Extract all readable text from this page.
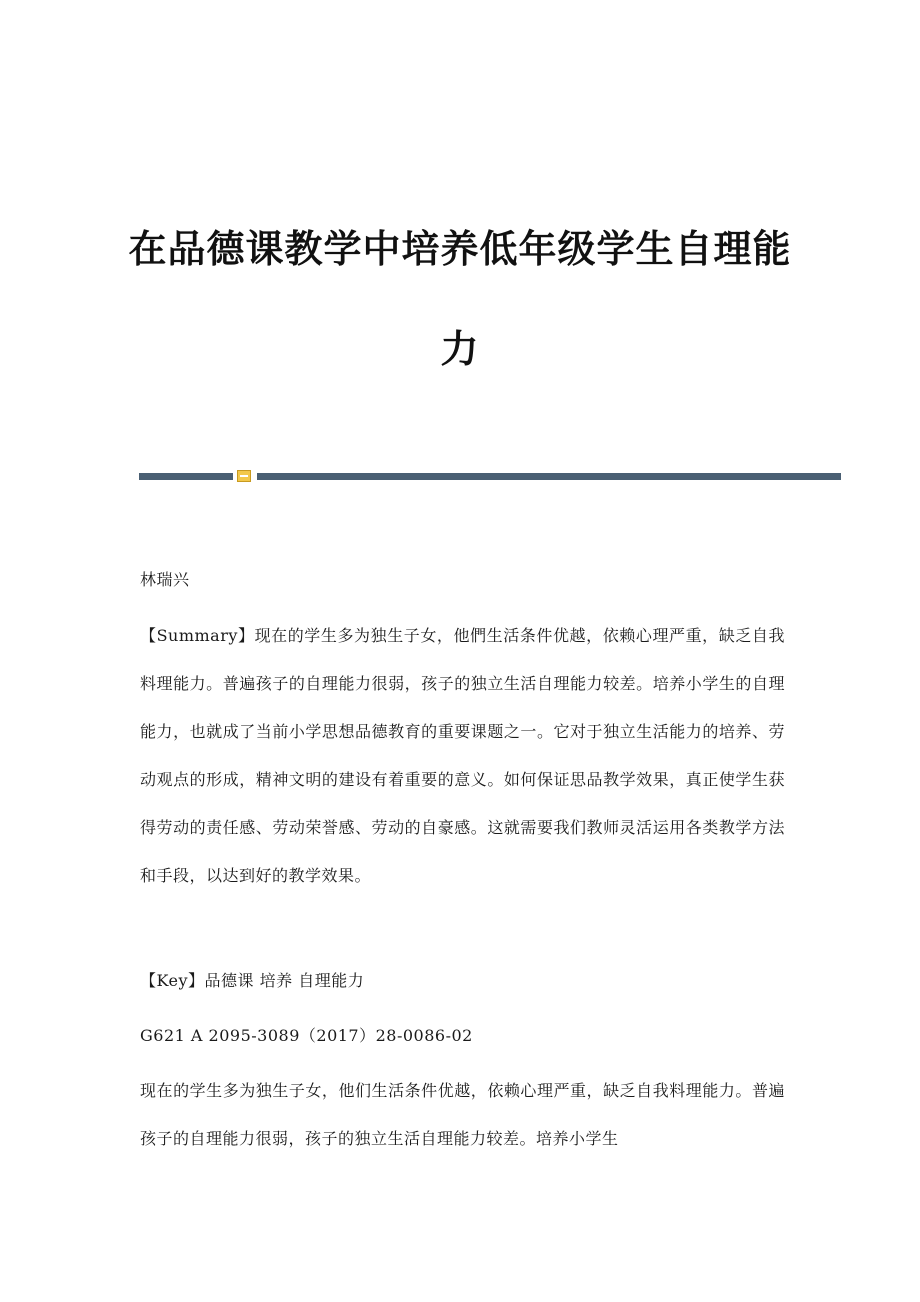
在品德课教学中培养低年级学生自理能
力

林瑞兴

【Summary】现在的学生多为独生子女，他們生活条件优越，依赖心理严重，缺乏自我料理能力。普遍孩子的自理能力很弱，孩子的独立生活自理能力较差。培养小学生的自理能力，也就成了当前小学思想品德教育的重要课题之一。它对于独立生活能力的培养、劳动观点的形成，精神文明的建设有着重要的意义。如何保证思品教学效果，真正使学生获得劳动的责任感、劳动荣誉感、劳动的自豪感。这就需要我们教师灵活运用各类教学方法和手段，以达到好的教学效果。

【Key】品德课 培养 自理能力

G621 A 2095-3089（2017）28-0086-02

现在的学生多为独生子女，他们生活条件优越，依赖心理严重，缺乏自我料理能力。普遍孩子的自理能力很弱，孩子的独立生活自理能力较差。培养小学生
